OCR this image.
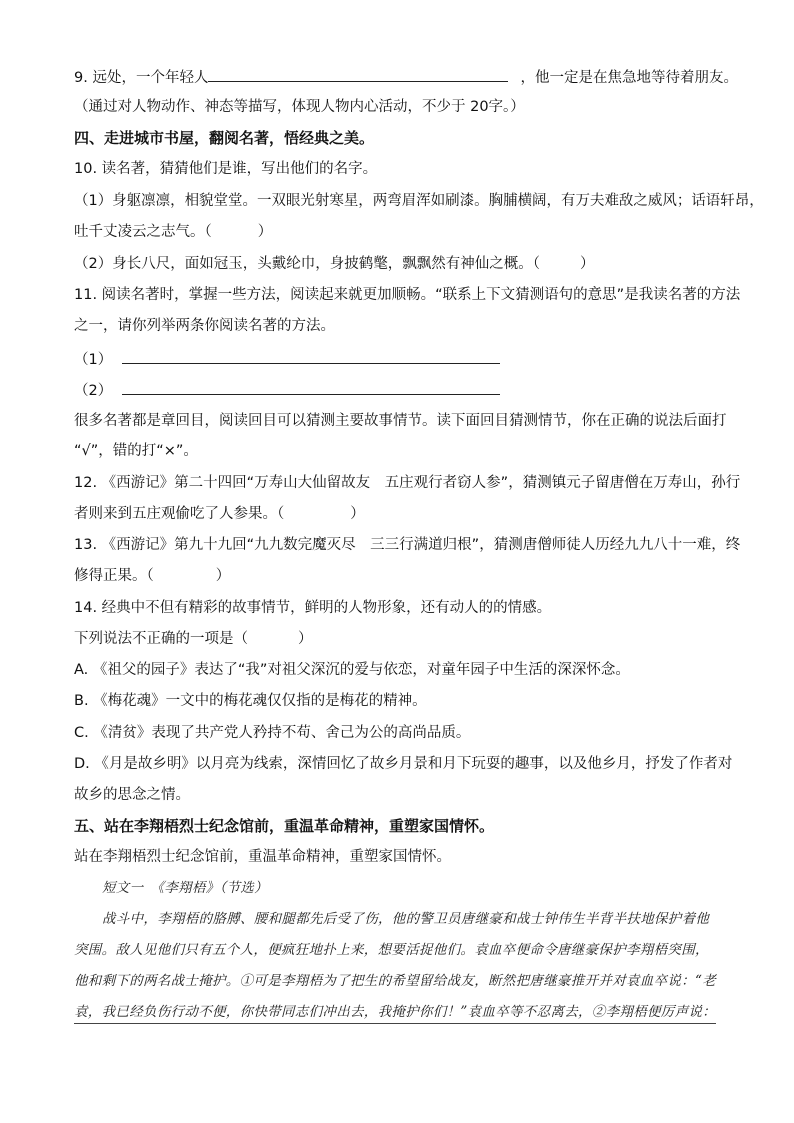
9. 远处，一个年轻人	，他一定是在焦急地等待着朋友。
（通过对人物动作、神态等描写，体现人物内心活动，不少于 20字。）
四、走进城市书屋，翻阅名著，悟经典之美。
10. 读名著，猜猜他们是谁，写出他们的名字。
（1）身躯凛凛，相貌堂堂。一双眼光射寒星，两弯眉浑如刷漆。胸脯横阔，有万夫难敌之威风；话语轩昂，
吐千丈凌云之志气。（	）
（2）身长八尺，面如冠玉，头戴纶巾，身披鹤氅，飘飘然有神仙之概。（	）
11. 阅读名著时，掌握一些方法，阅读起来就更加顺畅。“联系上下文猜测语句的意思”是我读名著的方法
之一，请你列举两条你阅读名著的方法。
（1）
（2）
很多名著都是章回目，阅读回目可以猜测主要故事情节。读下面回目猜测情节，你在正确的说法后面打
“√”，错的打“×”。
12. 《西游记》第二十四回“万寿山大仙留故友　五庄观行者窃人参”，猜测镇元子留唐僧在万寿山，孙行
者则来到五庄观偷吃了人参果。（	）
13. 《西游记》第九十九回“九九数完魔灭尽　三三行满道归根”，猜测唐僧师徒人历经九九八十一难，终
修得正果。（	）
14. 经典中不但有精彩的故事情节，鲜明的人物形象，还有动人的的情感。
下列说法不正确的一项是（	）
A. 《祖父的园子》表达了“我”对祖父深沉的爱与依恋，对童年园子中生活的深深怀念。
B. 《梅花魂》一文中的梅花魂仅仅指的是梅花的精神。
C. 《清贫》表现了共产党人矜持不苟、舍己为公的高尚品质。
D. 《月是故乡明》以月亮为线索，深情回忆了故乡月景和月下玩耍的趣事，以及他乡月，抒发了作者对
故乡的思念之情。
五、站在李翔梧烈士纪念馆前，重温革命精神，重塑家国情怀。
站在李翔梧烈士纪念馆前，重温革命精神，重塑家国情怀。
短文一　《李翔梧》（节选）
战斗中，李翔梧的胳膊、腰和腿都先后受了伤，他的警卫员唐继豪和战士钟伟生半背半扶地保护着他
突围。敌人见他们只有五个人，便疯狂地扑上来，想要活捉他们。袁血卒便命令唐继豪保护李翔梧突围，
他和剩下的两名战士掩护。①可是李翔梧为了把生的希望留给战友，断然把唐继豪推开并对袁血卒说：“老
袁，我已经负伤行动不便，你快带同志们冲出去，我掩护你们！”袁血卒等不忍离去，②李翔梧便厉声说：
